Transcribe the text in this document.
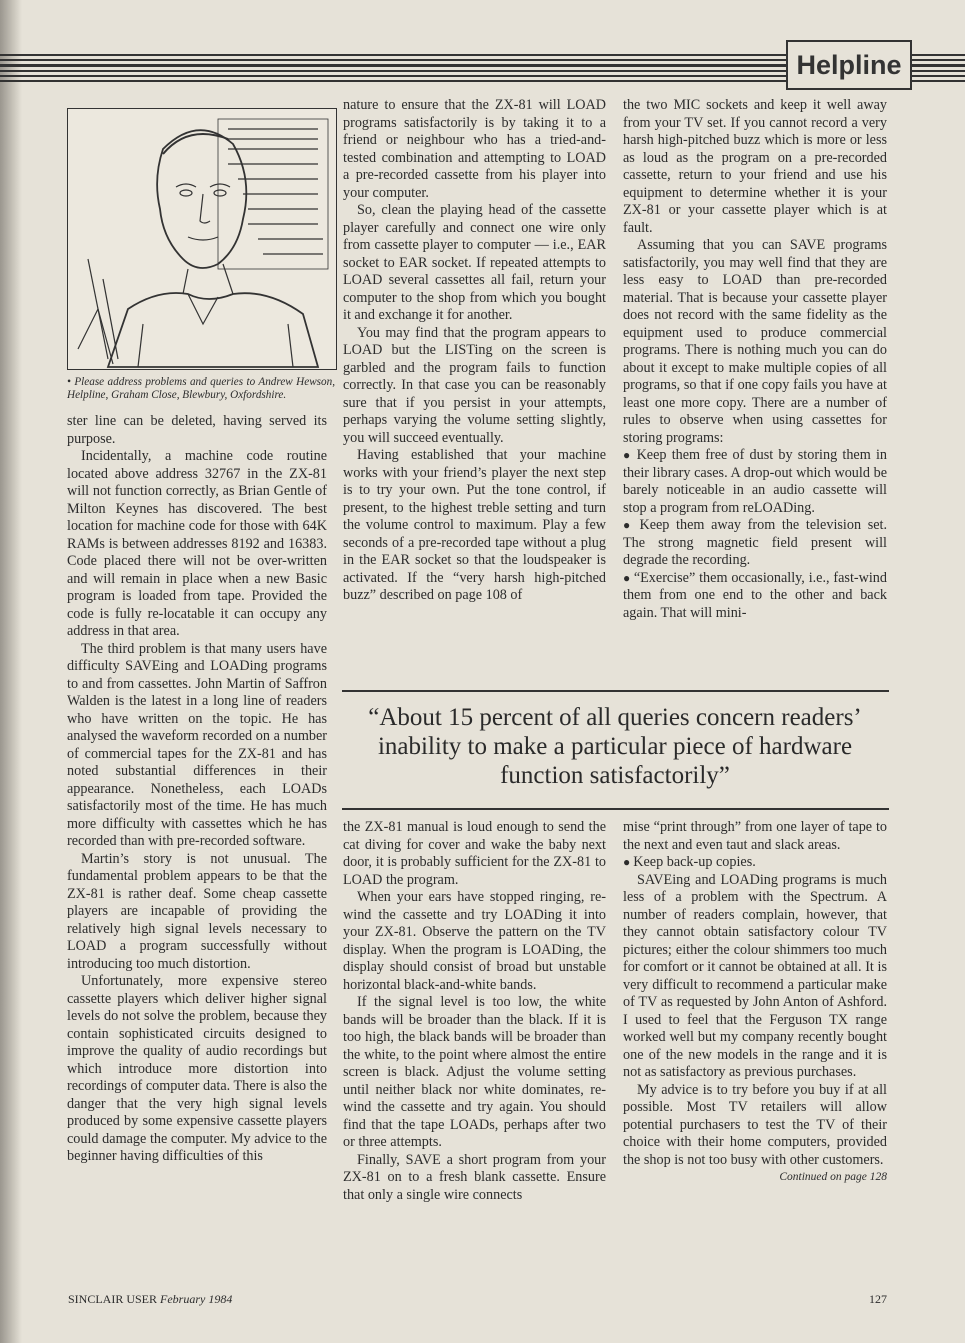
Helpline
• Please address problems and queries to Andrew Hewson, Helpline, Graham Close, Blewbury, Oxfordshire.

ster line can be deleted, having served its purpose.

Incidentally, a machine code routine located above address 32767 in the ZX-81 will not function correctly, as Brian Gentle of Milton Keynes has discovered. The best location for machine code for those with 64K RAMs is between addresses 8192 and 16383. Code placed there will not be over-written and will remain in place when a new Basic program is loaded from tape. Provided the code is fully re-locatable it can occupy any address in that area.

The third problem is that many users have difficulty SAVEing and LOADing programs to and from cassettes. John Martin of Saffron Walden is the latest in a long line of readers who have written on the topic. He has analysed the waveform recorded on a number of commercial tapes for the ZX-81 and has noted substantial differences in their appearance. Nonetheless, each LOADs satisfactorily most of the time. He has much more difficulty with cassettes which he has recorded than with pre-recorded software.

Martin’s story is not unusual. The fundamental problem appears to be that the ZX-81 is rather deaf. Some cheap cassette players are incapable of providing the relatively high signal levels necessary to LOAD a program successfully without introducing too much distortion.

Unfortunately, more expensive stereo cassette players which deliver higher signal levels do not solve the problem, because they contain sophisticated circuits designed to improve the quality of audio recordings but which introduce more distortion into recordings of computer data. There is also the danger that the very high signal levels produced by some expensive cassette players could damage the computer. My advice to the beginner having difficulties of this

nature to ensure that the ZX-81 will LOAD programs satisfactorily is by taking it to a friend or neighbour who has a tried-and-tested combination and attempting to LOAD a pre-recorded cassette from his player into your computer.

So, clean the playing head of the cassette player carefully and connect one wire only from cassette player to computer — i.e., EAR socket to EAR socket. If repeated attempts to LOAD several cassettes all fail, return your computer to the shop from which you bought it and exchange it for another.

You may find that the program appears to LOAD but the LISTing on the screen is garbled and the program fails to function correctly. In that case you can be reasonably sure that if you persist in your attempts, perhaps varying the volume setting slightly, you will succeed eventually.

Having established that your machine works with your friend’s player the next step is to try your own. Put the tone control, if present, to the highest treble setting and turn the volume control to maximum. Play a few seconds of a pre-recorded tape without a plug in the EAR socket so that the loudspeaker is activated. If the “very harsh high-pitched buzz” described on page 108 of

the two MIC sockets and keep it well away from your TV set. If you cannot record a very harsh high-pitched buzz which is more or less as loud as the program on a pre-recorded cassette, return to your friend and use his equipment to determine whether it is your ZX-81 or your cassette player which is at fault.

Assuming that you can SAVE programs satisfactorily, you may well find that they are less easy to LOAD than pre-recorded material. That is because your cassette player does not record with the same fidelity as the equipment used to produce commercial programs. There is nothing much you can do about it except to make multiple copies of all programs, so that if one copy fails you have at least one more copy. There are a number of rules to observe when using cassettes for storing programs:

● Keep them free of dust by storing them in their library cases. A drop-out which would be barely noticeable in an audio cassette will stop a program from reLOADing.

● Keep them away from the television set. The strong magnetic field present will degrade the recording.

● “Exercise” them occasionally, i.e., fast-wind them from one end to the other and back again. That will mini-

“About 15 percent of all queries concern readers’ inability to make a particular piece of hardware function satisfactorily”

the ZX-81 manual is loud enough to send the cat diving for cover and wake the baby next door, it is probably sufficient for the ZX-81 to LOAD the program.

When your ears have stopped ringing, re-wind the cassette and try LOADing it into your ZX-81. Observe the pattern on the TV display. When the program is LOADing, the display should consist of broad but unstable horizontal black-and-white bands.

If the signal level is too low, the white bands will be broader than the black. If it is too high, the black bands will be broader than the white, to the point where almost the entire screen is black. Adjust the volume setting until neither black nor white dominates, re-wind the cassette and try again. You should find that the tape LOADs, perhaps after two or three attempts.

Finally, SAVE a short program from your ZX-81 on to a fresh blank cassette. Ensure that only a single wire connects

mise “print through” from one layer of tape to the next and even taut and slack areas.

● Keep back-up copies.

SAVEing and LOADing programs is much less of a problem with the Spectrum. A number of readers complain, however, that they cannot obtain satisfactory colour TV pictures; either the colour shimmers too much for comfort or it cannot be obtained at all. It is very difficult to recommend a particular make of TV as requested by John Anton of Ashford. I used to feel that the Ferguson TX range worked well but my company recently bought one of the new models in the range and it is not as satisfactory as previous purchases.

My advice is to try before you buy if at all possible. Most TV retailers will allow potential purchasers to test the TV of their choice with their home computers, provided the shop is not too busy with other customers.

Continued on page 128

SINCLAIR USER February 1984	127
